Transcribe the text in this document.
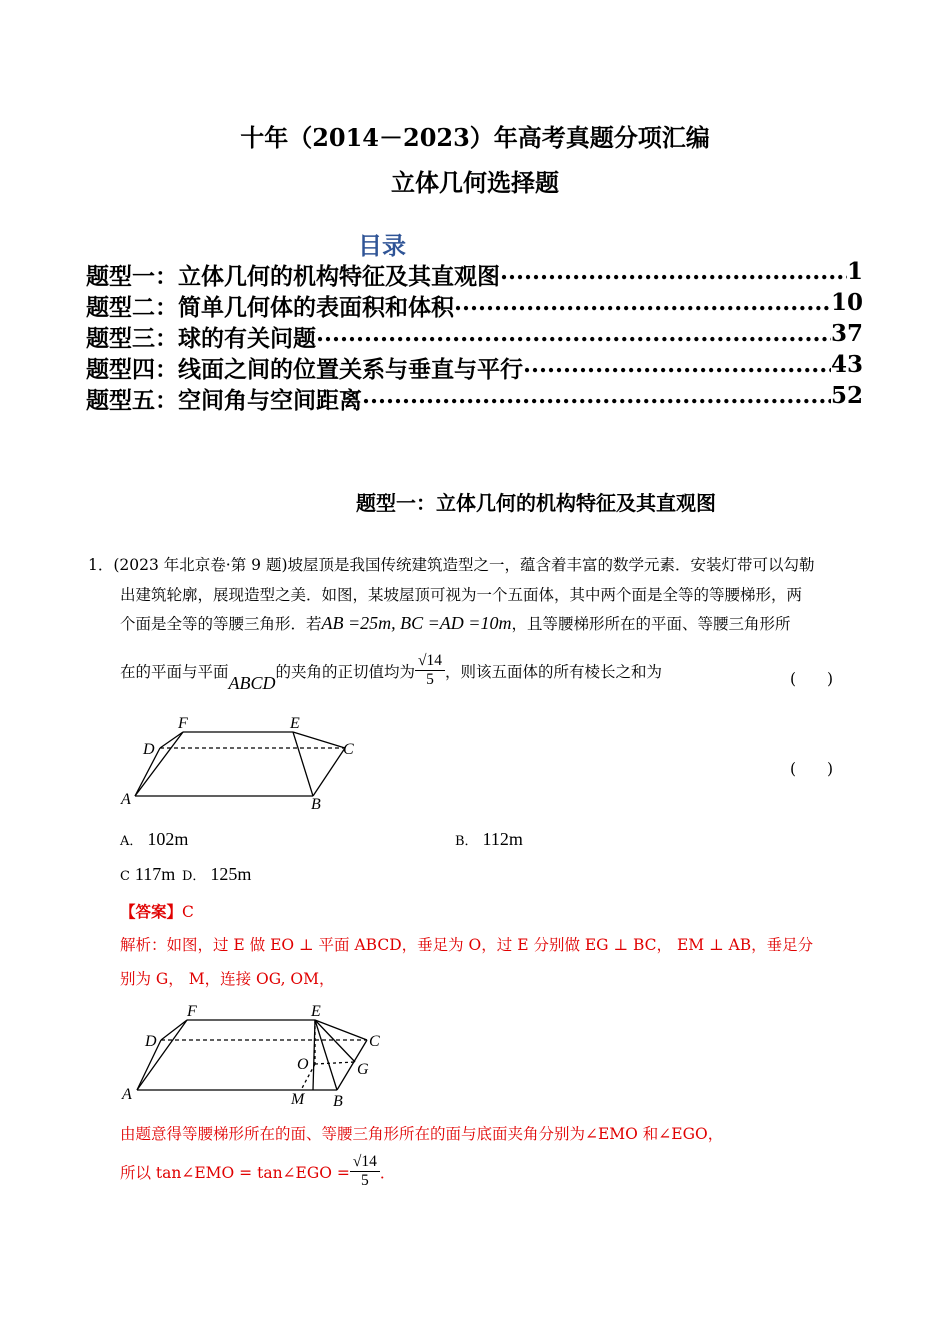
十年（2014－2023）年高考真题分项汇编
立体几何选择题
目录
题型一：立体几何的机构特征及其直观图 .....	1
题型二：简单几何体的表面积和体积 .....	10
题型三：球的有关问题 .....	37
题型四：线面之间的位置关系与垂直与平行 .....	43
题型五：空间角与空间距离 .....	52
题型一：立体几何的机构特征及其直观图
1．(2023 年北京卷·第 9 题)坡屋顶是我国传统建筑造型之一，蕴含着丰富的数学元素．安装灯带可以勾勒
出建筑轮廓，展现造型之美．如图，某坡屋顶可视为一个五面体，其中两个面是全等的等腰梯形，两
个面是全等的等腰三角形．若AB =25m, BC =AD =10m，且等腰梯形所在的平面、等腰三角形所
在的平面与平面
ABCD
的夹角的正切值均为 $\frac{√14}{5}$ ，则该五面体的所有棱长之和为	(　　)
(　　)
A	B
C
D
E
F
A． 102m	B． 112m
C 117m D． 125m
【答案】C
解析：如图，过 E 做 EO ⊥ 平面 ABCD，垂足为 O，过 E 分别做 EG ⊥ BC， EM ⊥ AB，垂足分
别为 G， M，连接 OG, OM，
A	B
C
D
E
F
O	G
M
由题意得等腰梯形所在的面、等腰三角形所在的面与底面夹角分别为∠EMO 和∠EGO，
所以 tan∠EMO = tan∠EGO = $\frac{√14}{5}$ ．
